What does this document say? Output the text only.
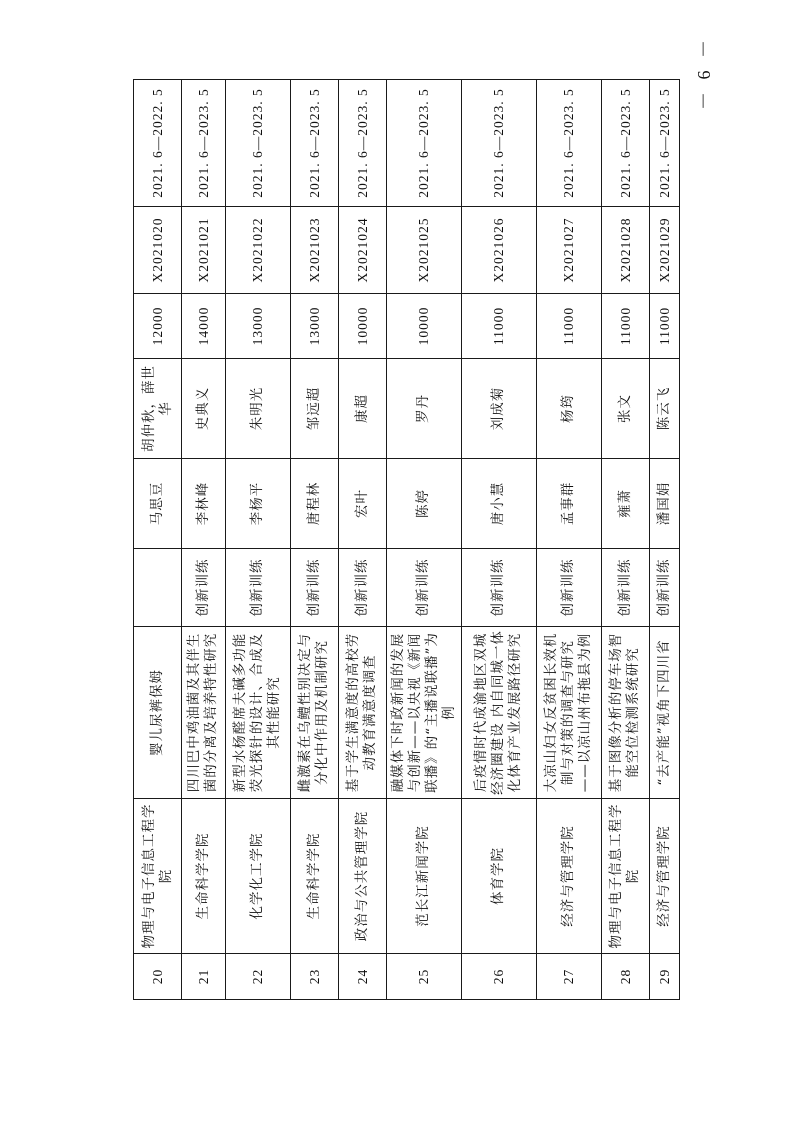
20	物理与电子信息工程学院	婴儿尿裤保姆		马思豆	胡仲秋，薛世华	12000	X2021020	2021. 6—2022. 5
21	生命科学学院	四川巴中鸡油菌及其伴生菌的分离及培养特性研究	创新训练	李林峰	史典义	14000	X2021021	2021. 6—2023. 5
22	化学化工学院	新型水杨醛席夫碱多功能荧光探针的设计、合成及其性能研究	创新训练	李杨平	朱明光	13000	X2021022	2021. 6—2023. 5
23	生命科学学院	雌激素在乌鳢性别决定与分化中作用及机制研究	创新训练	唐程林	邹远超	13000	X2021023	2021. 6—2023. 5
24	政治与公共管理学院	基于学生满意度的高校劳动教育满意度调查	创新训练	宏叶	康超	10000	X2021024	2021. 6—2023. 5
25	范长江新闻学院	融媒体下时政新闻的发展与创新——以央视《新闻联播》的“主播说联播”为例	创新训练	陈婷	罗丹	10000	X2021025	2021. 6—2023. 5
26	体育学院	后疫情时代成渝地区双城经济圈建设 内自同城一体化体育产业发展路径研究	创新训练	唐小慧	刘成菊	11000	X2021026	2021. 6—2023. 5
27	经济与管理学院	大凉山妇女反贫困长效机制与对策的调查与研究——以凉山州布拖县为例	创新训练	孟事群	杨筠	11000	X2021027	2021. 6—2023. 5
28	物理与电子信息工程学院	基于图像分析的停车场智能空位检测系统研究	创新训练	雍萧	张文	11000	X2021028	2021. 6—2023. 5
29	经济与管理学院	“去产能”视角下四川省	创新训练	潘国娟	陈云飞	11000	X2021029	2021. 6—2023. 5
－ 6 －
